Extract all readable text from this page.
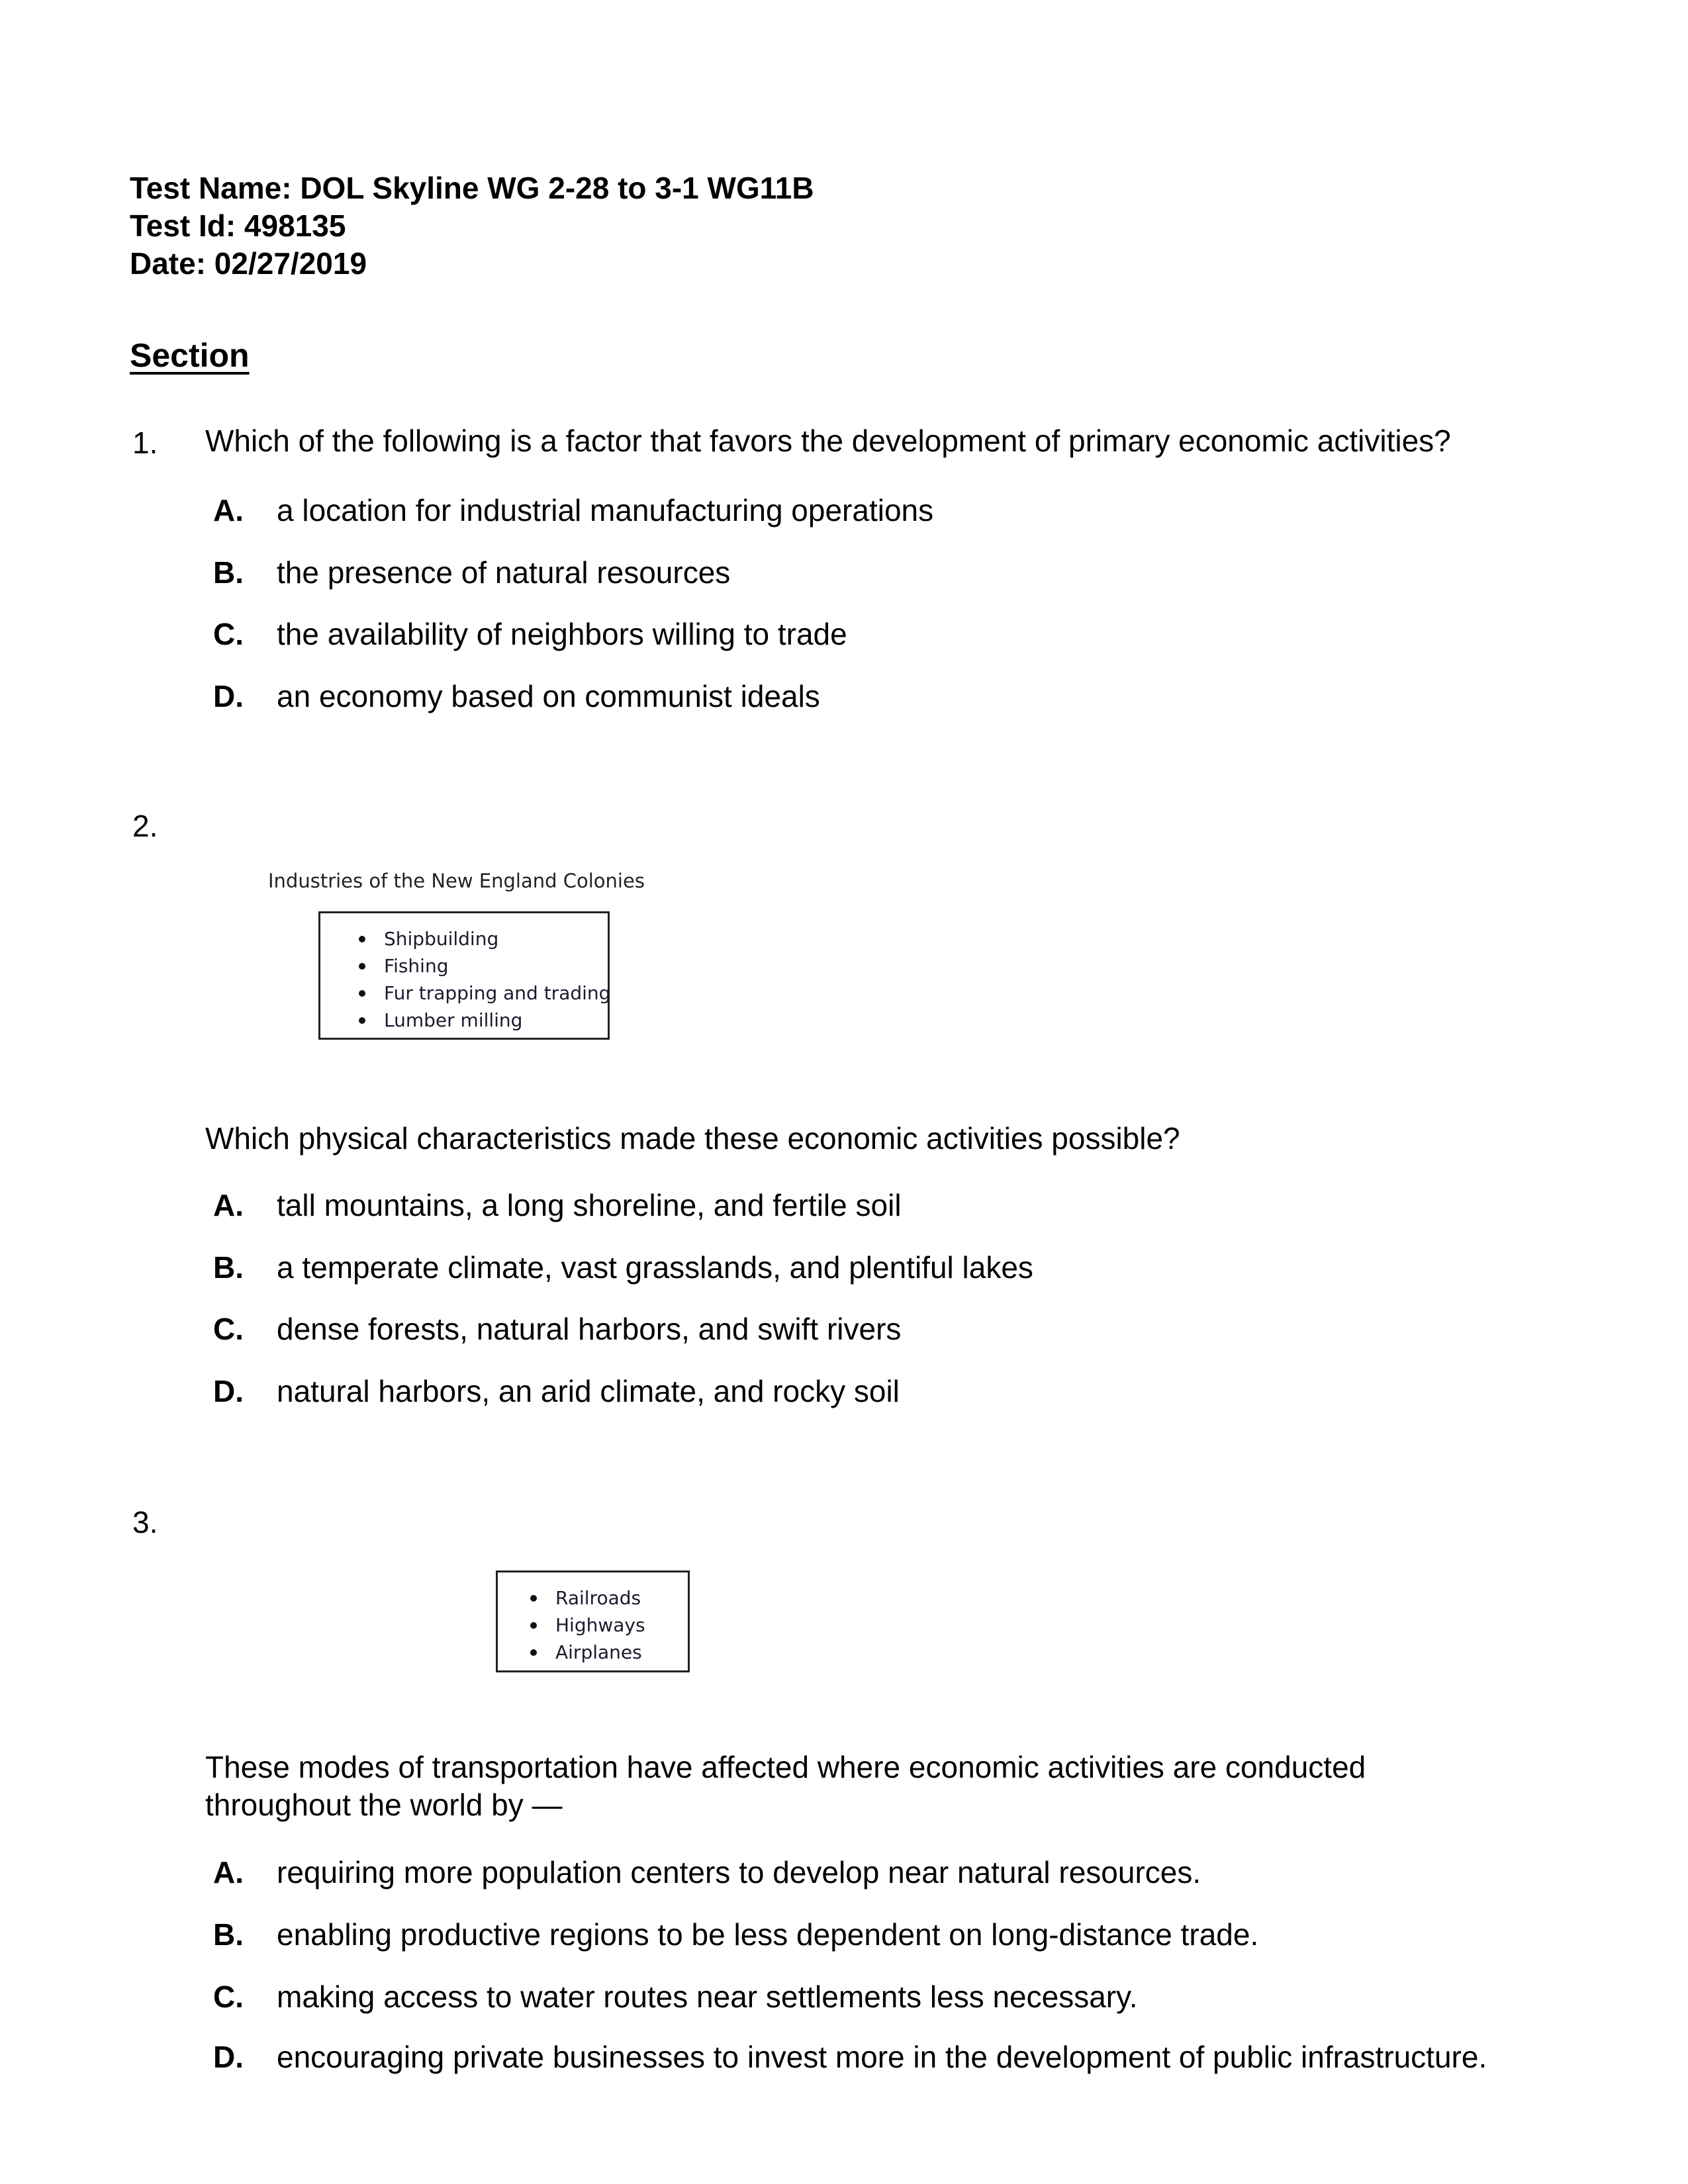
Test Name: DOL Skyline WG 2-28 to 3-1 WG11B
Test Id: 498135
Date: 02/27/2019
Section
1. Which of the following is a factor that favors the development of primary economic activities?
A. a location for industrial manufacturing operations
B. the presence of natural resources
C. the availability of neighbors willing to trade
D. an economy based on communist ideals
2.
Industries of the New England Colonies
Shipbuilding
Fishing
Fur trapping and trading
Lumber milling
Which physical characteristics made these economic activities possible?
A. tall mountains, a long shoreline, and fertile soil
B. a temperate climate, vast grasslands, and plentiful lakes
C. dense forests, natural harbors, and swift rivers
D. natural harbors, an arid climate, and rocky soil
3.
Railroads
Highways
Airplanes
These modes of transportation have affected where economic activities are conducted
throughout the world by —
A. requiring more population centers to develop near natural resources.
B. enabling productive regions to be less dependent on long-distance trade.
C. making access to water routes near settlements less necessary.
D. encouraging private businesses to invest more in the development of public infrastructure.
